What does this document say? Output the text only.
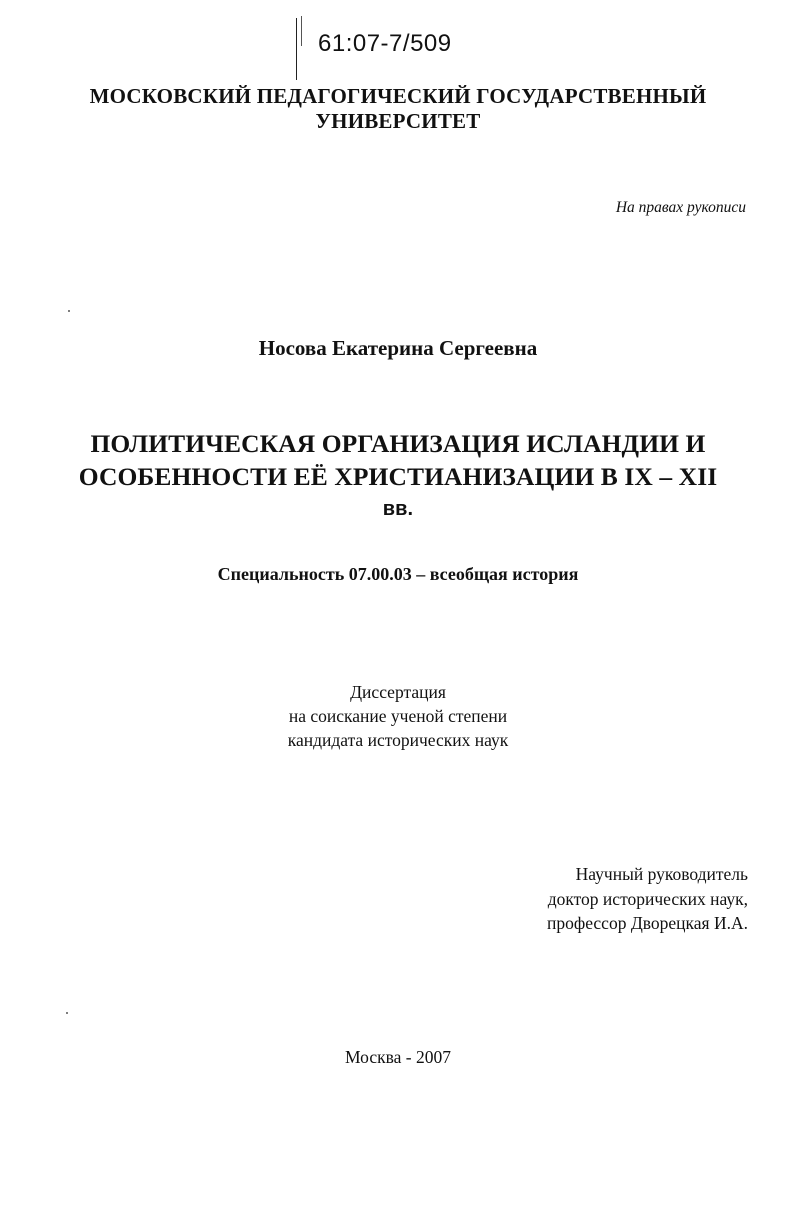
61:07-7/509
МОСКОВСКИЙ ПЕДАГОГИЧЕСКИЙ ГОСУДАРСТВЕННЫЙ
УНИВЕРСИТЕТ
На правах рукописи
Носова Екатерина Сергеевна
ПОЛИТИЧЕСКАЯ ОРГАНИЗАЦИЯ ИСЛАНДИИ И
ОСОБЕННОСТИ ЕЁ ХРИСТИАНИЗАЦИИ В IX – XII
вв.
Специальность 07.00.03 – всеобщая история
Диссертация
на соискание ученой степени
кандидата исторических наук
Научный руководитель
доктор исторических наук,
профессор Дворецкая И.А.
Москва - 2007
